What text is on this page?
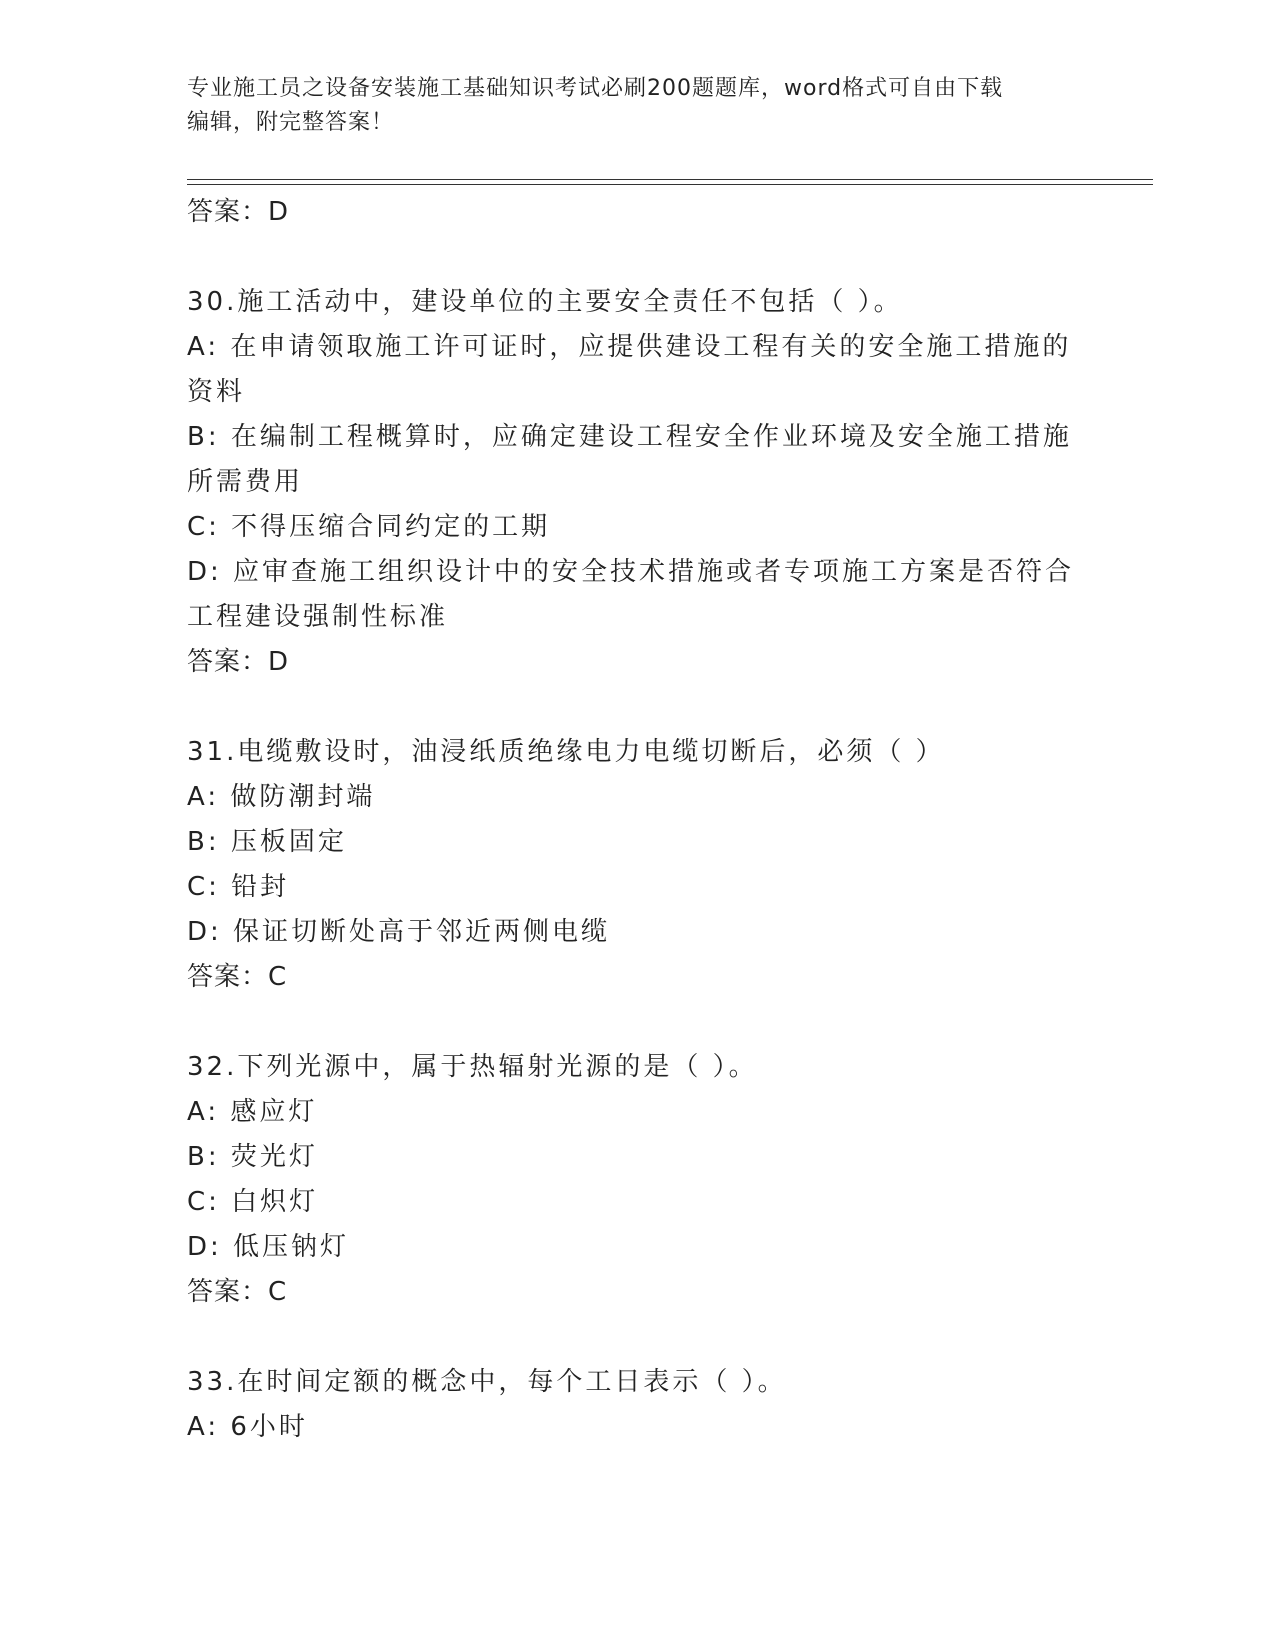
专业施工员之设备安装施工基础知识考试必刷200题题库，word格式可自由下载
编辑，附完整答案！
答案：D
30.施工活动中，建设单位的主要安全责任不包括（ ）。
A: 在申请领取施工许可证时，应提供建设工程有关的安全施工措施的
资料
B: 在编制工程概算时，应确定建设工程安全作业环境及安全施工措施
所需费用
C: 不得压缩合同约定的工期
D: 应审查施工组织设计中的安全技术措施或者专项施工方案是否符合
工程建设强制性标准
答案：D
31.电缆敷设时，油浸纸质绝缘电力电缆切断后，必须（ ）
A: 做防潮封端
B: 压板固定
C: 铅封
D: 保证切断处高于邻近两侧电缆
答案：C
32.下列光源中，属于热辐射光源的是（ ）。
A: 感应灯
B: 荧光灯
C: 白炽灯
D: 低压钠灯
答案：C
33.在时间定额的概念中，每个工日表示（ ）。
A: 6小时
